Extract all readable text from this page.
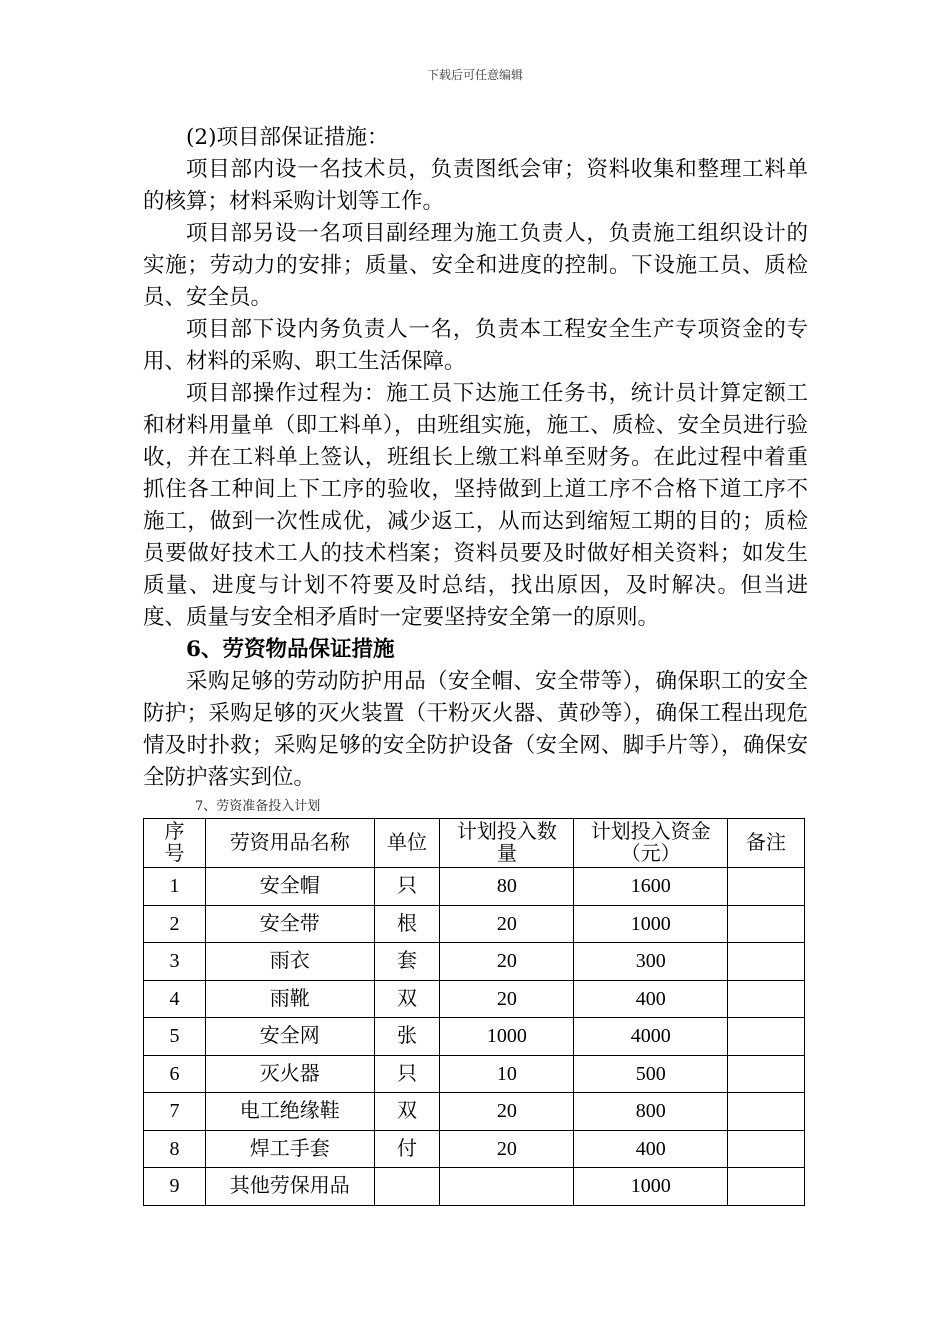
下载后可任意编辑

(2)项目部保证措施：

项目部内设一名技术员，负责图纸会审；资料收集和整理工料单的核算；材料采购计划等工作。

项目部另设一名项目副经理为施工负责人，负责施工组织设计的实施；劳动力的安排；质量、安全和进度的控制。下设施工员、质检员、安全员。

项目部下设内务负责人一名，负责本工程安全生产专项资金的专用、材料的采购、职工生活保障。

项目部操作过程为：施工员下达施工任务书，统计员计算定额工和材料用量单（即工料单），由班组实施，施工、质检、安全员进行验收，并在工料单上签认，班组长上缴工料单至财务。在此过程中着重抓住各工种间上下工序的验收，坚持做到上道工序不合格下道工序不施工，做到一次性成优，减少返工，从而达到缩短工期的目的；质检员要做好技术工人的技术档案；资料员要及时做好相关资料；如发生质量、进度与计划不符要及时总结，找出原因，及时解决。但当进度、质量与安全相矛盾时一定要坚持安全第一的原则。

6、劳资物品保证措施

采购足够的劳动防护用品（安全帽、安全带等），确保职工的安全防护；采购足够的灭火装置（干粉灭火器、黄砂等），确保工程出现危情及时扑救；采购足够的安全防护设备（安全网、脚手片等），确保安全防护落实到位。

7、劳资准备投入计划
序号	劳资用品名称	单位	计划投入数量	计划投入资金（元）	备注
1	安全帽	只	80	1600	
2	安全带	根	20	1000	
3	雨衣	套	20	300	
4	雨靴	双	20	400	
5	安全网	张	1000	4000	
6	灭火器	只	10	500	
7	电工绝缘鞋	双	20	800	
8	焊工手套	付	20	400	
9	其他劳保用品			1000	
